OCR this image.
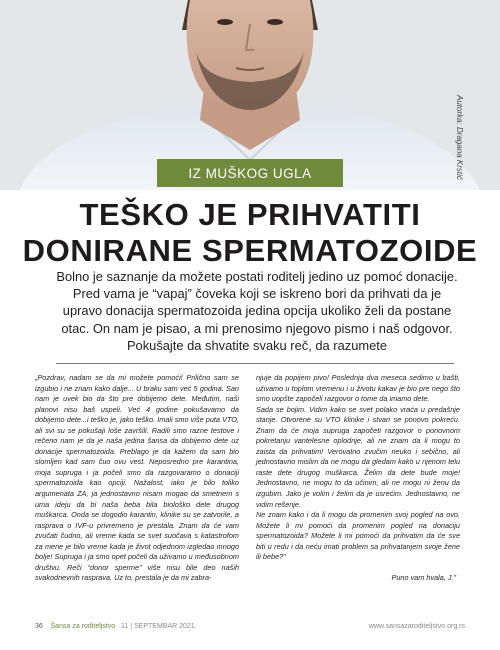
Autorka: Dragana Krstić
IZ MUŠKOG UGLA
TEŠKO JE PRIHVATITI
DONIRANE SPERMATOZOIDE
Bolno je saznanje da možete postati roditelj jedino uz pomoć donacije. Pred vama je “vapaj” čoveka koji se iskreno bori da prihvati da je upravo donacija spermatozoida jedina opcija ukoliko želi da postane otac. On nam je pisao, a mi prenosimo njegovo pismo i naš odgovor. Pokušajte da shvatite svaku reč, da razumete

„Pozdrav, nadam se da mi možete pomoći! Prilično sam se izgubio i ne znam kako dalje... U braku sam već 5 godina. San nam je uvek bio da što pre dobijemo dete. Međutim, naši planovi nisu baš uspeli. Već 4 godine pokušavamo da dobijemo dete...i teško je, jako teško. Imali smo više puta VTO, ali svi su se pokušaji loše završili. Radili smo razne testove i rečeno nam je da je naša jedina šansa da dobijemo dete uz donacije spermatozoida. Preblago je da kažem da sam bio slomljen kad sam čuo ovu vest. Neposredno pre karantina, moja supruga i ja počeli smo da razgovaramo o donaciji spermatozoida kao opciji. Nažalost, iako je bilo toliko argumenata ZA, ja jednostavno nisam mogao da smetnem s uma ideju da bi naša beba bila biološko dete drugog muškarca. Onda se dogodio karantin, klinike su se zatvorile, a rasprava o IVF-u privremeno je prestala. Znam da će vam zvučati čudno, ali vreme kada se svet suočava s katastrofom za mene je bilo vreme kada je život odjednom izgledao mnogo bolje! Supruga i ja smo opet počeli da uživamo u međusobnom društvu. Reči “donor sperme” više nisu bile deo naših svakodnevnih rasprava. Uz to, prestala je da mi zabra-

njuje da popijem pivo! Poslednja dva meseca sedimo u bašti, uživamo u toplom vremenu i u životu kakav je bio pre nego što smo uopšte započeli razgovor o tome da imamo dete.
Sada se bojim. Vidim kako se svet polako vraća u predašnje stanje. Otvorene su VTO klinike i stvari se ponovo pokreću. Znam da će moja supruga započeti razgovor o ponovnom pokretanju vantelesne oplodnje, ali ne znam da li mogu to zaista da prihvatim! Verovatno zvučim neuko i sebično, ali jednostavno mislim da ne mogu da gledam kako u njenom telu raste dete drugog muškarca. Želim da dete bude moje! Jednostavno, ne mogu to da učinim, ali ne mogu ni ženu da izgubim. Jako je volim i želim da je usrećim. Jednostavno, ne vidim rešenje.
Ne znam kako i da li mogu da promenim svoj pogled na ovo. Možete li mi pomoći da promenim pogled na donaciju spermatozoida? Možete li mi pomoći da prihvatim da će sve biti u redu i da neću imati problem sa prihvatanjem svoje žene ili bebe?”

Puno vam hvala, J.”

36 Šansa za roditeljstvo 11 | SEPTEMBAR 2021.	www.sansazaroditeljstvo.org.rs
